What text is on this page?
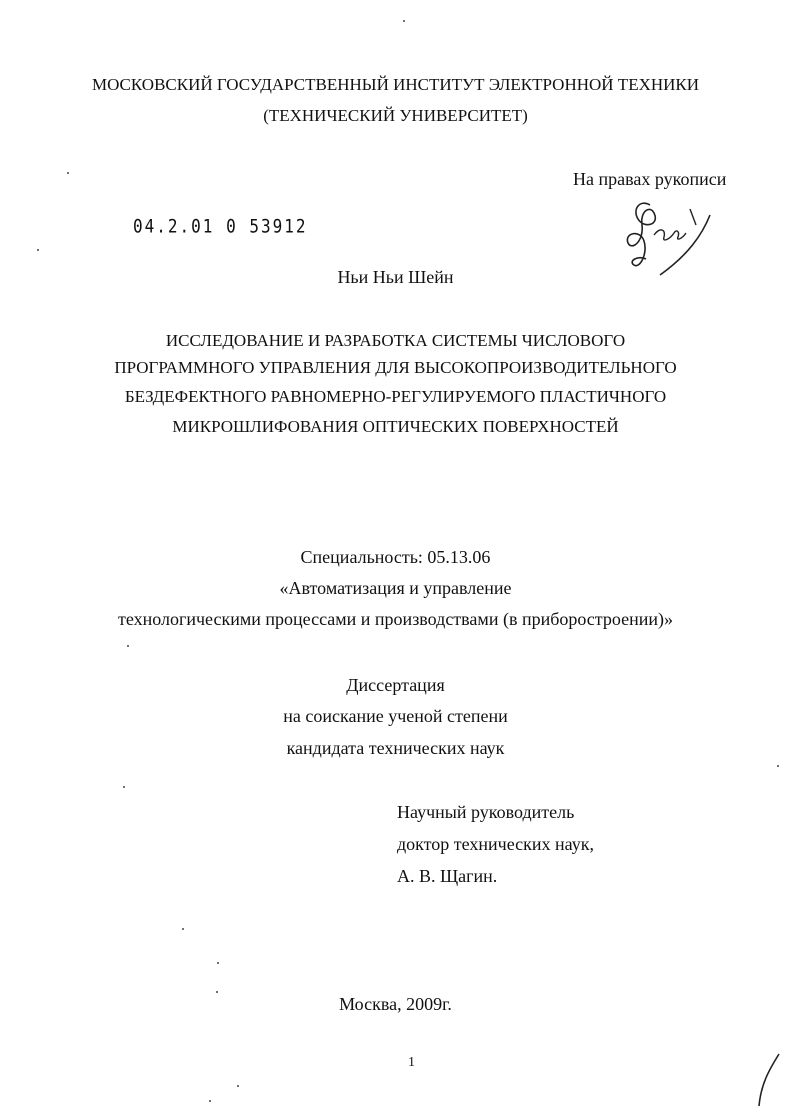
МОСКОВСКИЙ ГОСУДАРСТВЕННЫЙ ИНСТИТУТ ЭЛЕКТРОННОЙ ТЕХНИКИ
(ТЕХНИЧЕСКИЙ УНИВЕРСИТЕТ)
На правах рукописи
04.2.01 0 53912
Ньи Ньи Шейн
ИССЛЕДОВАНИЕ И РАЗРАБОТКА СИСТЕМЫ ЧИСЛОВОГО
ПРОГРАММНОГО УПРАВЛЕНИЯ ДЛЯ ВЫСОКОПРОИЗВОДИТЕЛЬНОГО
БЕЗДЕФЕКТНОГО РАВНОМЕРНО-РЕГУЛИРУЕМОГО ПЛАСТИЧНОГО
МИКРОШЛИФОВАНИЯ ОПТИЧЕСКИХ ПОВЕРХНОСТЕЙ
Специальность: 05.13.06
«Автоматизация и управление
технологическими процессами и производствами (в приборостроении)»
Диссертация
на соискание ученой степени
кандидата технических наук
Научный руководитель
доктор технических наук,
А. В. Щагин.
Москва, 2009г.
1
